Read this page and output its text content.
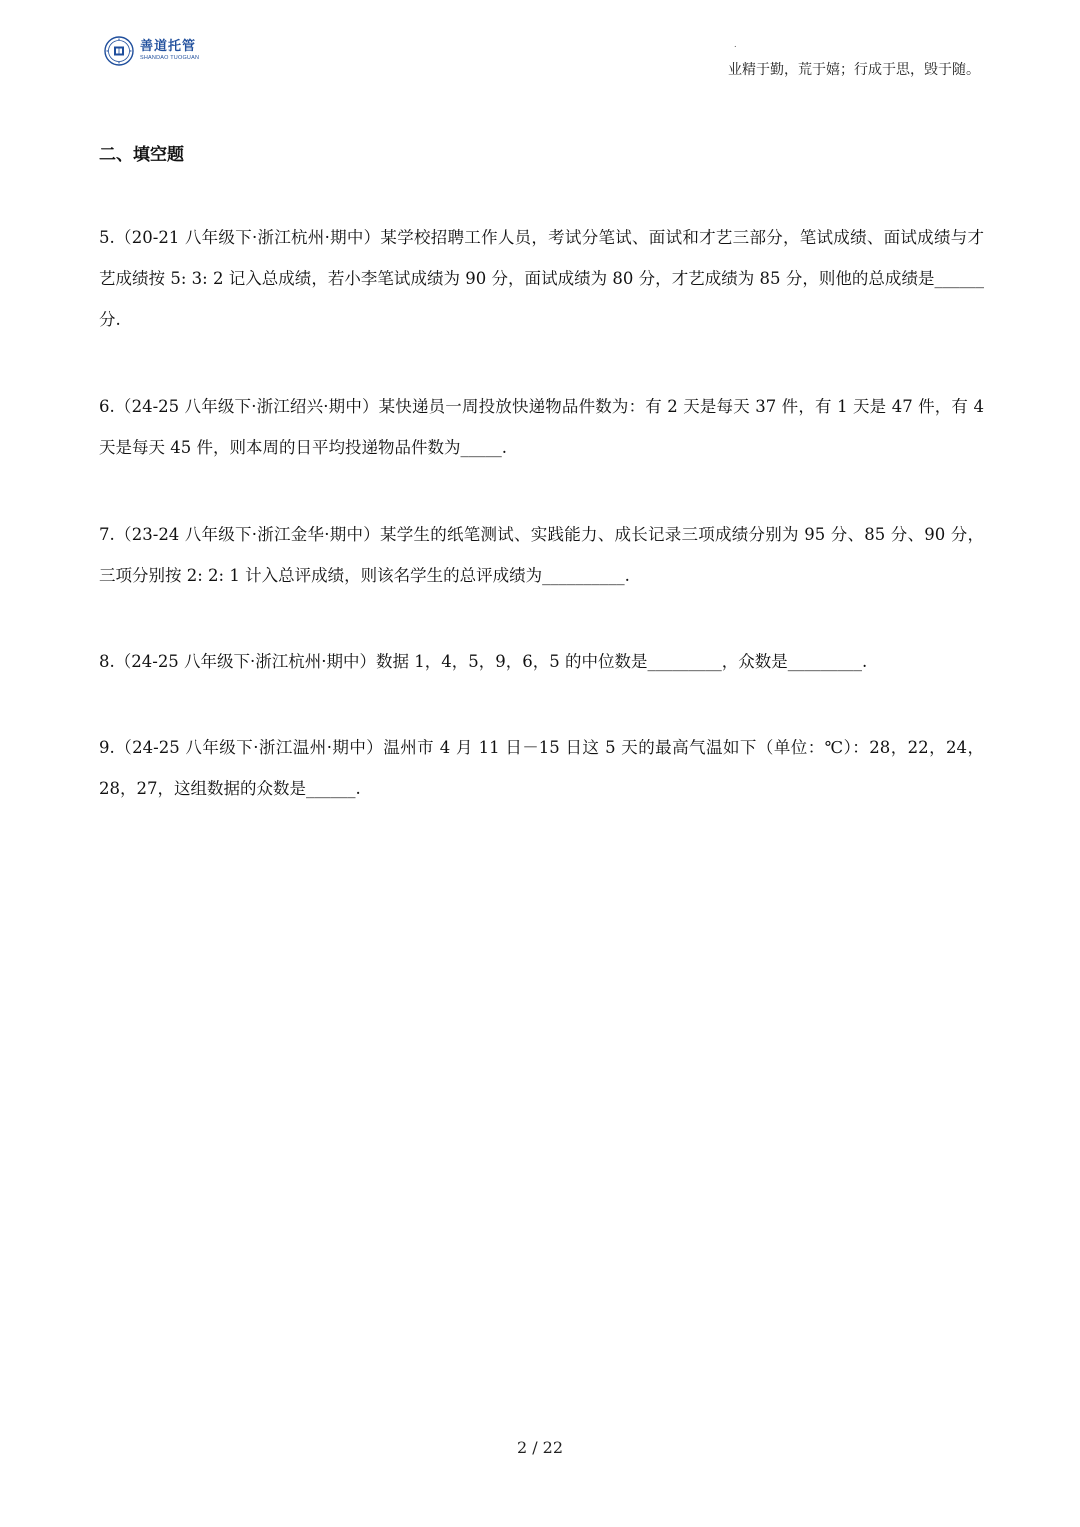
善道托管
SHANDAO TUOGUAN
.
业精于勤，荒于嬉；行成于思，毁于随。
二、填空题
5.（20-21 八年级下·浙江杭州·期中）某学校招聘工作人员，考试分笔试、面试和才艺三部分，笔试成绩、面试成绩与才艺成绩按 5: 3: 2 记入总成绩，若小李笔试成绩为 90 分，面试成绩为 80 分，才艺成绩为 85 分，则他的总成绩是______分.
6.（24-25 八年级下·浙江绍兴·期中）某快递员一周投放快递物品件数为：有 2 天是每天 37 件，有 1 天是 47 件，有 4 天是每天 45 件，则本周的日平均投递物品件数为_____.
7.（23-24 八年级下·浙江金华·期中）某学生的纸笔测试、实践能力、成长记录三项成绩分别为 95 分、85 分、90 分，三项分别按 2: 2: 1 计入总评成绩，则该名学生的总评成绩为__________.
8.（24-25 八年级下·浙江杭州·期中）数据 1，4，5，9，6，5 的中位数是_________，众数是_________.
9.（24-25 八年级下·浙江温州·期中）温州市 4 月 11 日－15 日这 5 天的最高气温如下（单位：℃）：28，22，24，28，27，这组数据的众数是______.
2 / 22
